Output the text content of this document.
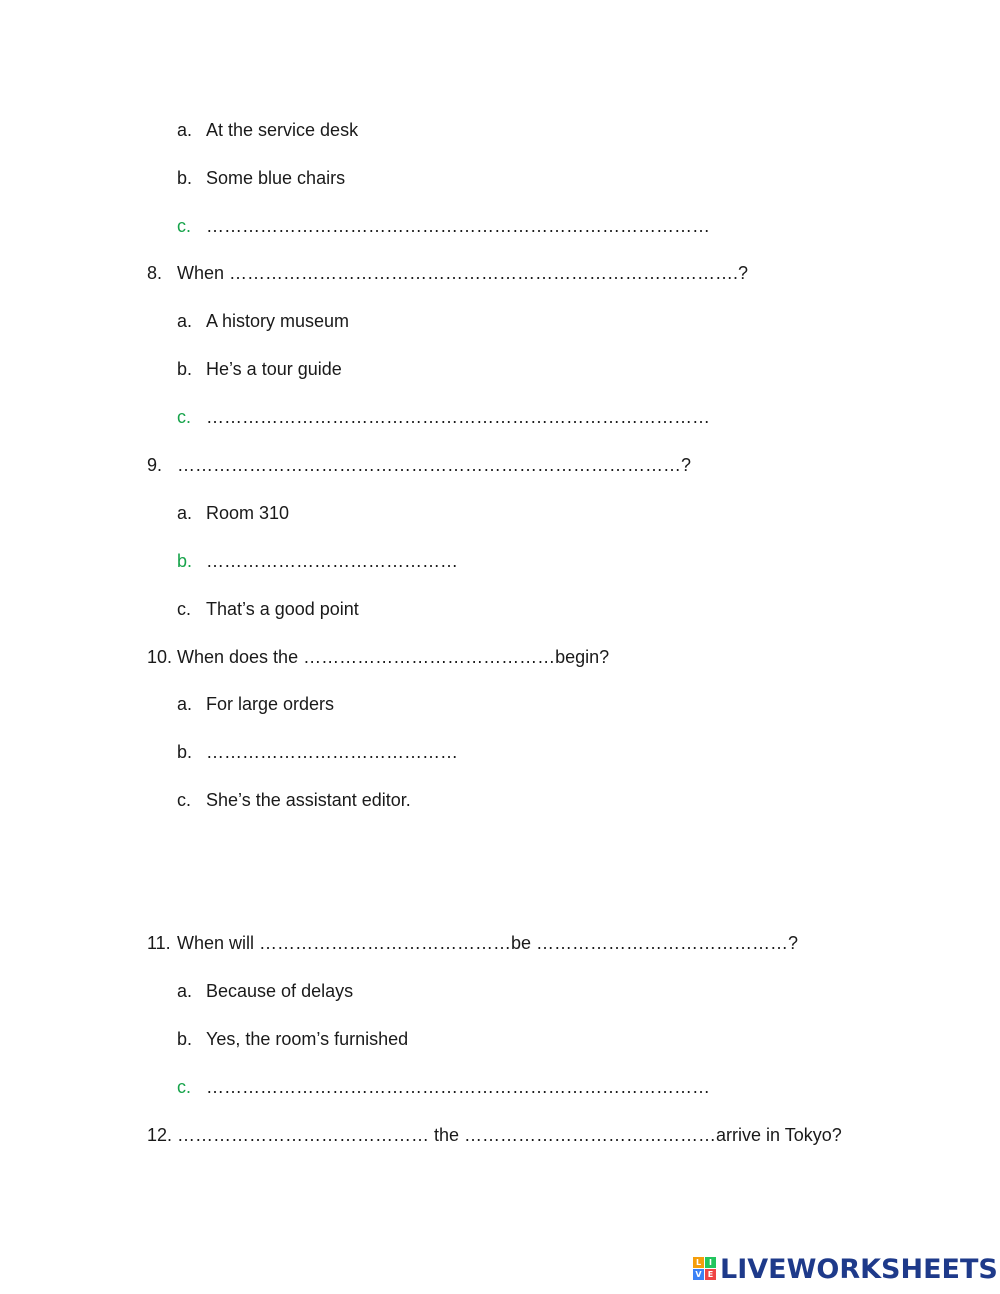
a. At the service desk
b. Some blue chairs
c. …………………………………………………………………………
8. When ………………………………………………………………………….?
a. A history museum
b. He’s a tour guide
c. …………………………………………………………………………
9. …………………………………………………………………………?
a. Room 310
b. ……………………………………
c. That’s a good point
10. When does the ……………………………………begin?
a. For large orders
b. ……………………………………
c. She’s the assistant editor.
11. When will ……………………………………be ……………………………………?
a. Because of delays
b. Yes, the room’s furnished
c. …………………………………………………………………………
12. …………………………………… the ……………………………………arrive in Tokyo?
L I
V E LIVEWORKSHEETS
